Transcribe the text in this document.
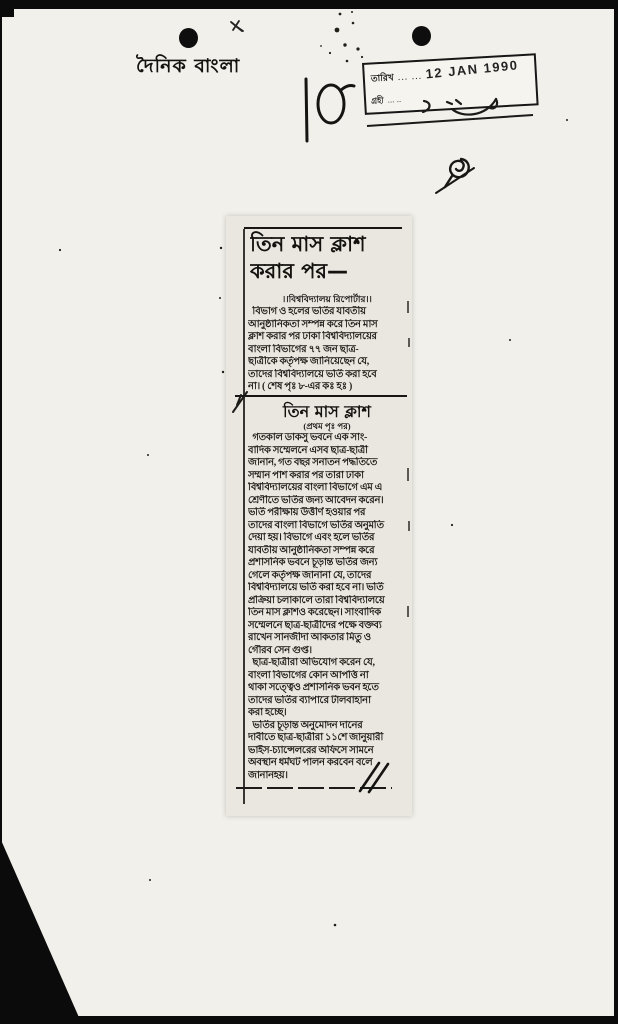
দৈনিক বাংলা
তারিখ ... ... 12 JAN 1990
গ্রহী ... ..
তিন মাস ক্লাশ
করার পর—
।।বিশ্ববিদ্যালয় রিপোর্টার।।
বিভাগ ও হলের ভর্তির যাবতীয়
আনুষ্ঠানিকতা সম্পন্ন করে তিন মাস
ক্লাশ করার পর ঢাকা বিশ্ববিদ্যালয়ের
বাংলা বিভাগের ৭৭ জন ছাত্র-
ছাত্রীকে কর্তৃপক্ষ জানিয়েছেন যে,
তাদের বিশ্ববিদ্যালয়ে ভর্তি করা হবে
না। ( শেষ পৃঃ ৮-এর কঃ হঃ )
তিন মাস ক্লাশ
(প্রথম পৃঃ পর)
গতকাল ডাকসু ভবনে এক সাং-
বাদিক সম্মেলনে এসব ছাত্র-ছাত্রী
জানান, গত বছর সনাতন পদ্ধতিতে
সম্মান পাশ করার পর তারা ঢাকা
বিশ্ববিদ্যালয়ের বাংলা বিভাগে এম এ
শ্রেণীতে ভর্তির জন্য আবেদন করেন।
ভর্তি পরীক্ষায় উত্তীর্ণ হওয়ার পর
তাদের বাংলা বিভাগে ভর্তির অনুমতি
দেয়া হয়। বিভাগে এবং হলে ভর্তির
যাবতীয় আনুষ্ঠানিকতা সম্পন্ন করে
প্রশাসনিক ভবনে চূড়ান্ত ভর্তির জন্য
গেলে কর্তৃপক্ষ জানানা যে, তাদের
বিশ্ববিদ্যালয়ে ভর্তি করা হবে না। ভর্তি
প্রক্রিয়া চলাকালে তারা বিশ্ববিদ্যালয়ে
তিন মাস ক্লাশও করেছেন। সাংবাদিক
সম্মেলনে ছাত্র-ছাত্রীদের পক্ষে বক্তব্য
রাখেন সানজীদা আকতার মিতু ও
গৌরব সেন গুপ্ত।
ছাত্র-ছাত্রীরা অভিযোগ করেন যে,
বাংলা বিভাগের কোন আপত্তি না
থাকা সত্ত্বেও প্রশাসনিক ভবন হতে
তাদের ভর্তির ব্যাপারে টালবাহানা
করা হচ্ছে।
ভর্তির চূড়ান্ত অনুমোদন দানের
দাবীতে ছাত্র-ছাত্রীরা ১১শে জানুয়ারী
ভাইস-চ্যান্সেলরের অফিসে সামনে
অবস্থান ধর্মঘট পালন করবেন বলে
জানানহয়।
